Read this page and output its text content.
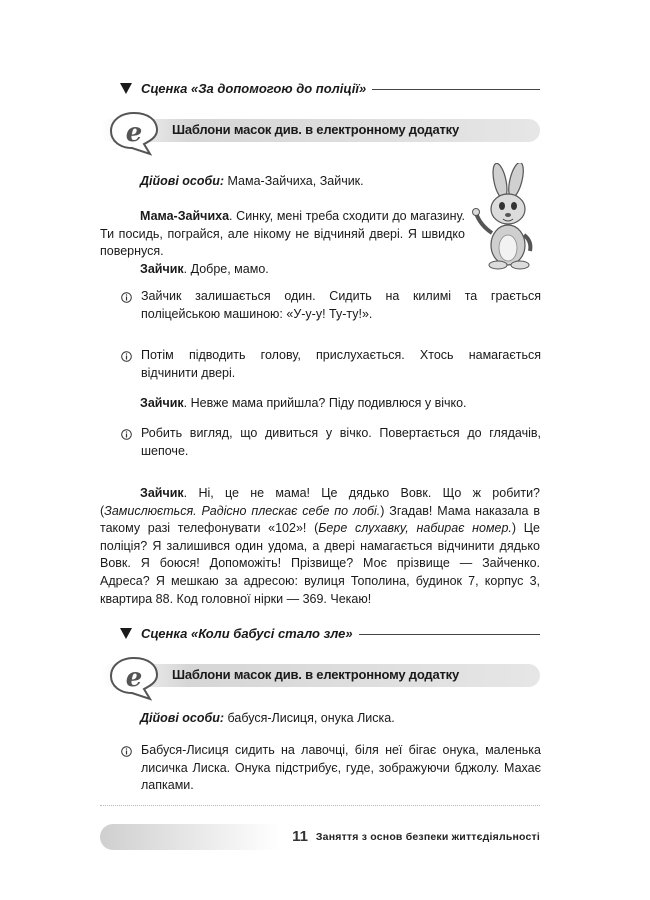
Сценка «За допомогою до поліції»
e Шаблони масок див. в електронному додатку
Дійові особи: Мама-Зайчиха, Зайчик.
Мама-Зайчиха. Синку, мені треба сходити до магазину. Ти посидь, пограйся, але нікому не відчиняй двері. Я швидко повернуся.
Зайчик. Добре, мамо.
Зайчик залишається один. Сидить на килимі та грається поліцейською машиною: «У-у-у! Ту-ту!».
Потім підводить голову, прислухається. Хтось намагається відчинити двері.
Зайчик. Невже мама прийшла? Піду подивлюся у вічко.
Робить вигляд, що дивиться у вічко. Повертається до глядачів, шепоче.
Зайчик. Ні, це не мама! Це дядько Вовк. Що ж робити? (Замислюється. Радісно плескає себе по лобі.) Згадав! Мама наказала в такому разі телефонувати «102»! (Бере слухавку, набирає номер.) Це поліція? Я залишився один удома, а двері намагається відчинити дядько Вовк. Я боюся! Допоможіть! Прізвище? Моє прізвище — Зайченко. Адреса? Я мешкаю за адресою: вулиця Тополина, будинок 7, корпус 3, квартира 88. Код головної нірки — 369. Чекаю!
Сценка «Коли бабусі стало зле»
e Шаблони масок див. в електронному додатку
Дійові особи: бабуся-Лисиця, онука Лиска.
Бабуся-Лисиця сидить на лавочці, біля неї бігає онука, маленька лисичка Лиска. Онука підстрибує, гуде, зображуючи бджолу. Махає лапками.
11 Заняття з основ безпеки життєдіяльності
